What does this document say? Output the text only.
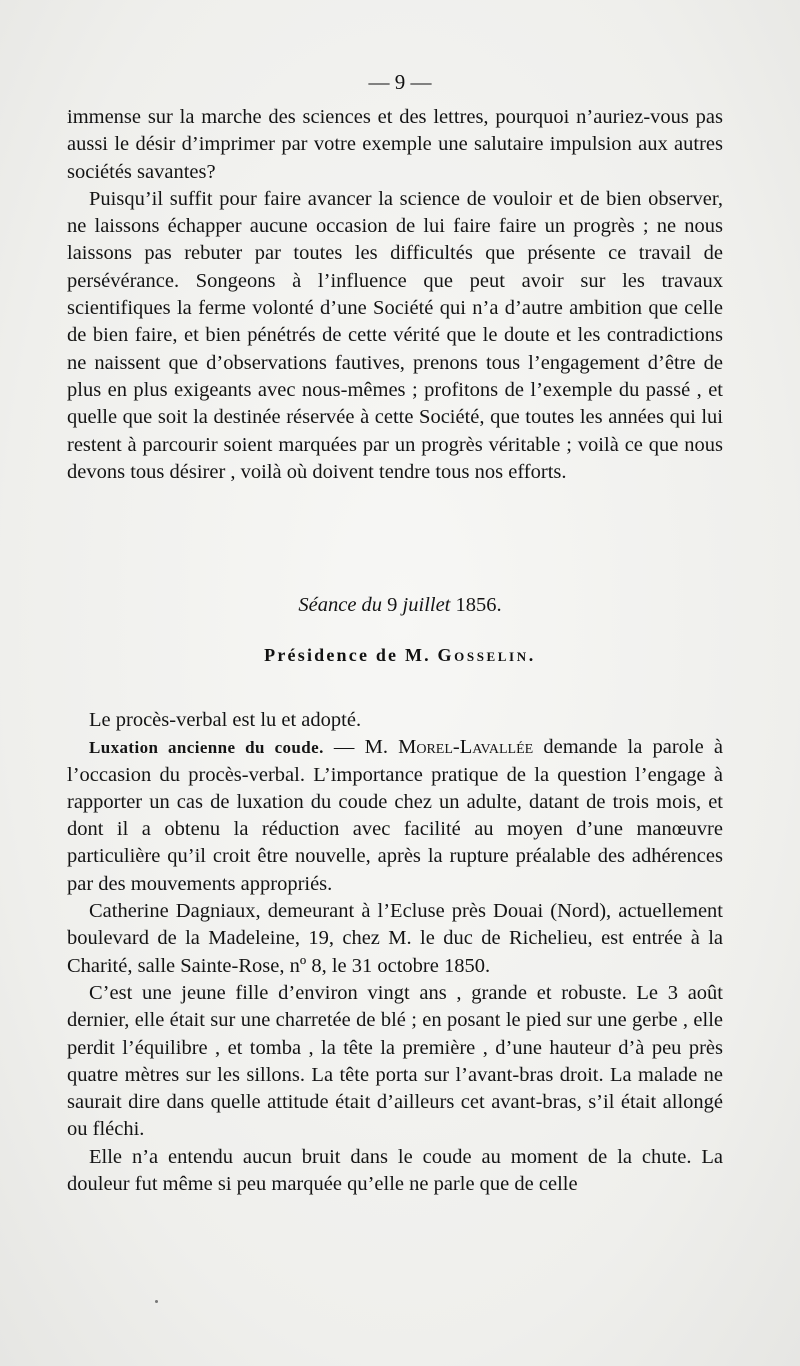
— 9 —

immense sur la marche des sciences et des lettres, pourquoi n’auriez-vous pas aussi le désir d’imprimer par votre exemple une salutaire impulsion aux autres sociétés savantes?

Puisqu’il suffit pour faire avancer la science de vouloir et de bien observer, ne laissons échapper aucune occasion de lui faire faire un progrès ; ne nous laissons pas rebuter par toutes les difficultés que présente ce travail de persévérance. Songeons à l’influence que peut avoir sur les travaux scientifiques la ferme volonté d’une Société qui n’a d’autre ambition que celle de bien faire, et bien pénétrés de cette vérité que le doute et les contradictions ne naissent que d’observations fautives, prenons tous l’engagement d’être de plus en plus exigeants avec nous-mêmes ; profitons de l’exemple du passé , et quelle que soit la destinée réservée à cette Société, que toutes les années qui lui restent à parcourir soient marquées par un progrès véritable ; voilà ce que nous devons tous désirer , voilà où doivent tendre tous nos efforts.

Séance du 9 juillet 1856.
Présidence de M. Gosselin.

Le procès-verbal est lu et adopté.

Luxation ancienne du coude. — M. Morel-Lavallée demande la parole à l’occasion du procès-verbal. L’importance pratique de la question l’engage à rapporter un cas de luxation du coude chez un adulte, datant de trois mois, et dont il a obtenu la réduction avec facilité au moyen d’une manœuvre particulière qu’il croit être nouvelle, après la rupture préalable des adhérences par des mouvements appropriés.

Catherine Dagniaux, demeurant à l’Ecluse près Douai (Nord), actuellement boulevard de la Madeleine, 19, chez M. le duc de Richelieu, est entrée à la Charité, salle Sainte-Rose, nº 8, le 31 octobre 1850.

C’est une jeune fille d’environ vingt ans , grande et robuste. Le 3 août dernier, elle était sur une charretée de blé ; en posant le pied sur une gerbe , elle perdit l’équilibre , et tomba , la tête la première , d’une hauteur d’à peu près quatre mètres sur les sillons. La tête porta sur l’avant-bras droit. La malade ne saurait dire dans quelle attitude était d’ailleurs cet avant-bras, s’il était allongé ou fléchi.

Elle n’a entendu aucun bruit dans le coude au moment de la chute. La douleur fut même si peu marquée qu’elle ne parle que de celle
